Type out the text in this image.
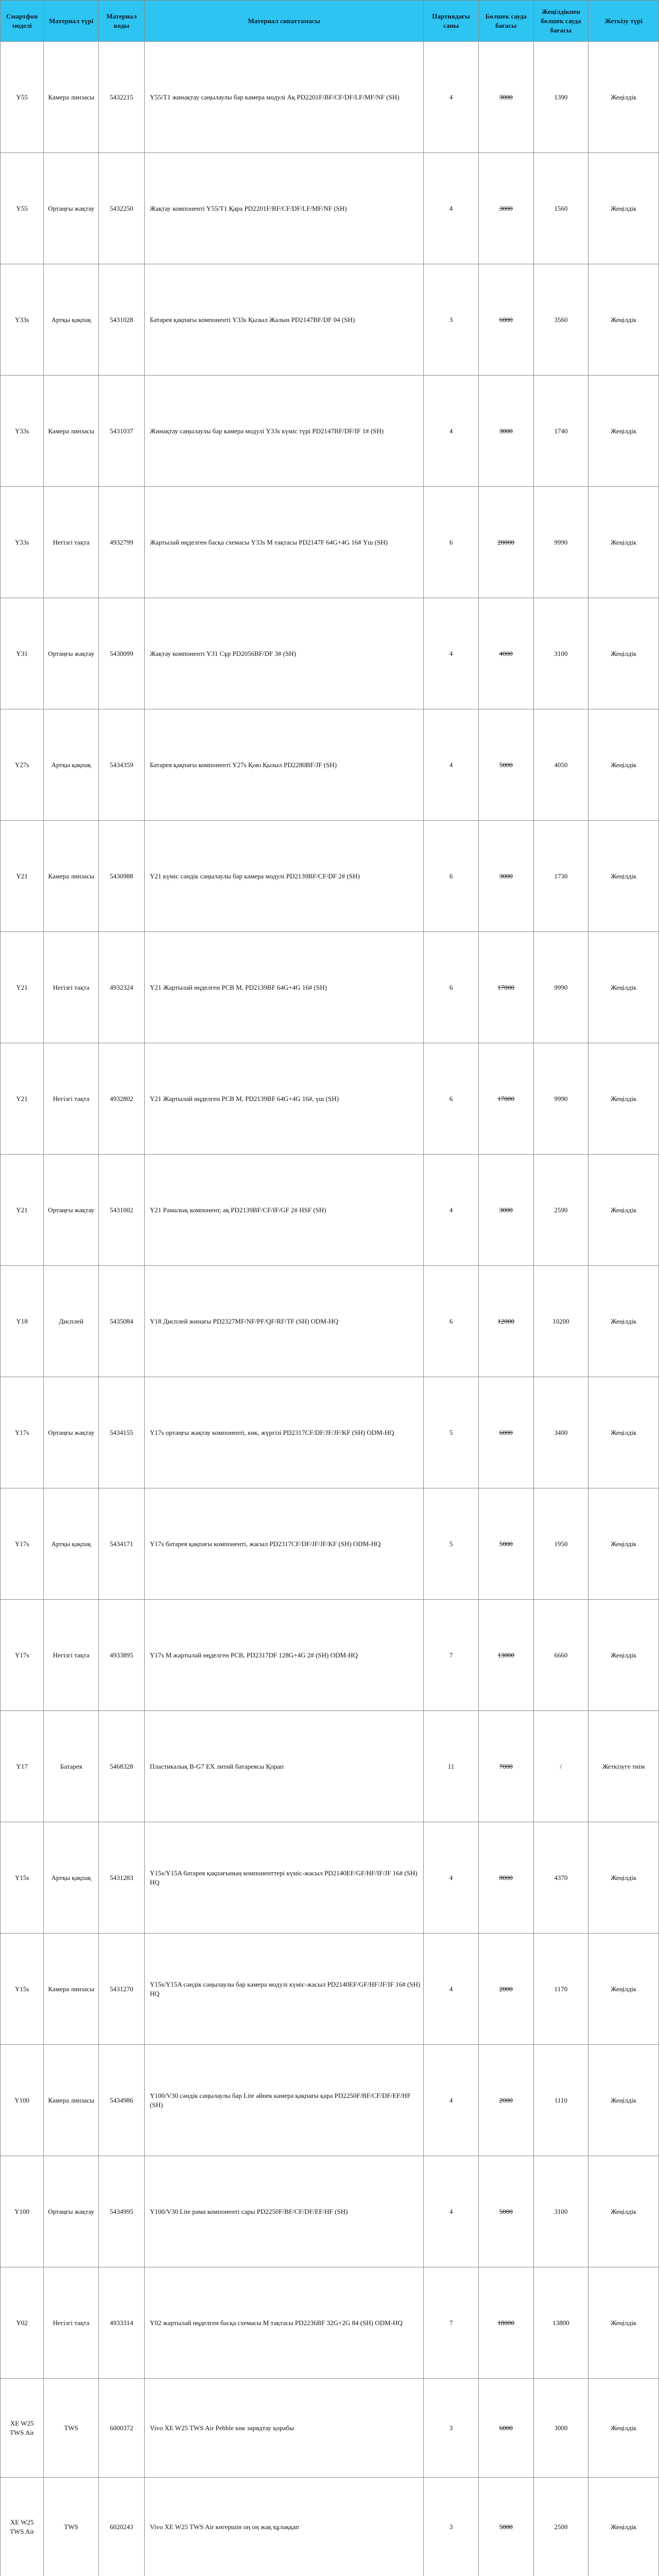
Смартфон моделі	Материал түрі	Материал коды	Материал сипаттамасы	Партиядағы саны	Бөлшек сауда бағасы	Жеңілдікпен бөлшек сауда бағасы	Жеткізу түрі
Y55	Камера линзасы	5432215	Y55/Т1 жинақтау саңылаулы бар камера модулі Ақ PD2201F/BF/CF/DF/LF/MF/NF (SH)	4	3000	1390	Жеңілдік
Y55	Ортаңғы жақтау	5432250	Жақтау компоненті Y55/Т1 Қара PD2201F/BF/CF/DF/LF/MF/NF (SH)	4	3000	1560	Жеңілдік
Y33s	Артқы қақпақ	5431028	Батарея қақпағы компоненті Y33s Қызыл Жалын PD2147BF/DF 04 (SH)	3	6000	3560	Жеңілдік
Y33s	Камера линзасы	5431037	Жинақтау саңылаулы бар камера модулі Y33s күміс түрі PD2147BF/DF/IF 1# (SH)	4	3000	1740	Жеңілдік
Y33s	Негізгі тақта	4932799	Жартылай өңделген басқа схемасы Y33s M тақтасы PD2147F 64G+4G 16# Үш (SH)	6	20000	9990	Жеңілдік
Y31	Ортаңғы жақтау	5430099	Жақтау компоненті Y31 Сұр PD2056BF/DF 3# (SH)	4	4000	3100	Жеңілдік
Y27s	Артқы қақпақ	5434359	Батарея қақпағы компоненті Y27s Қою Қызыл PD2280BF/JF (SH)	4	5000	4050	Жеңілдік
Y21	Камера линзасы	5430988	Y21 күміс сәндік саңылаулы бар камера модулі PD2139BF/CF/DF 2# (SH)	6	3000	1730	Жеңілдік
Y21	Негізгі тақта	4932324	Y21 Жартылай өңделген PCB M, PD2139BF 64G+4G 16# (SH)	6	17000	9990	Жеңілдік
Y21	Негізгі тақта	4932802	Y21 Жартылай өңделген PCB M, PD2139BF 64G+4G 16#, үш (SH)	6	17000	9990	Жеңілдік
Y21	Ортаңғы жақтау	5431002	Y21 Рамалық компонент, ақ PD2139BF/CF/IF/GF 2# HSF (SH)	4	3000	2590	Жеңілдік
Y18	Дисплей	5435084	Y18 Дисплей жинағы PD2327MF/NF/PF/QF/RF/TF (SH) ODM-HQ	6	12000	10200	Жеңілдік
Y17s	Ортаңғы жақтау	5434155	Y17s ортаңғы жақтау компоненті, көк, жүргізі PD2317CF/DF/JF/JF/KF (SH) ODM-HQ	5	6000	3400	Жеңілдік
Y17s	Артқы қақпақ	5434171	Y17s батарея қақпағы компоненті, жасыл PD2317CF/DF/JF/JF/KF (SH) ODM-HQ	5	5000	1950	Жеңілдік
Y17s	Негізгі тақта	4933895	Y17s M жартылай өңделген PCB, PD2317DF 128G+4G 2# (SH) ODM-HQ	7	13000	6660	Жеңілдік
Y17	Батарея	5468328	Пластикалық B-G7 EX литий батареясы Қорап	11	7000	/	Жеткізуге тиім
Y15s	Артқы қақпақ	5431283	Y15s/Y15A батарея қақпағының компоненттері күміс-жасыл PD2140EF/GF/HF/IF/JF 16# (SH) HQ	4	8000	4370	Жеңілдік
Y15s	Камера линзасы	5431270	Y15s/Y15A сәндік саңылаулы бар камера модулі күміс-жасыл PD2140EF/GF/HF/JF/IF 16# (SH) HQ	4	2000	1170	Жеңілдік
Y100	Камера линзасы	5434986	Y100/V30 сәндік саңылаулы бар Lite әйнек камера қақпағы қара PD2250F/BF/CF/DF/EF/HF (SH)	4	2000	1110	Жеңілдік
Y100	Ортаңғы жақтау	5434995	Y100/V30 Lite рама компоненті сары PD2250F/BF/CF/DF/EF/HF (SH)	4	5000	3100	Жеңілдік
Y02	Негізгі тақта	4933314	Y02 жартылай өңделген басқа схемасы M тақтасы PD2236BF 32G+2G 84 (SH) ODM-HQ	7	18000	13800	Жеңілдік
XE W25 TWS Air	TWS	6000372	Vivo XE W25 TWS Air Pebble көк зарядтау қорабы	3	6000	3000	Жеңілдік
XE W25 TWS Air	TWS	6020243	Vivo XE W25 TWS Air көгершін оң оң жақ құлаққап	3	5000	2500	Жеңілдік
